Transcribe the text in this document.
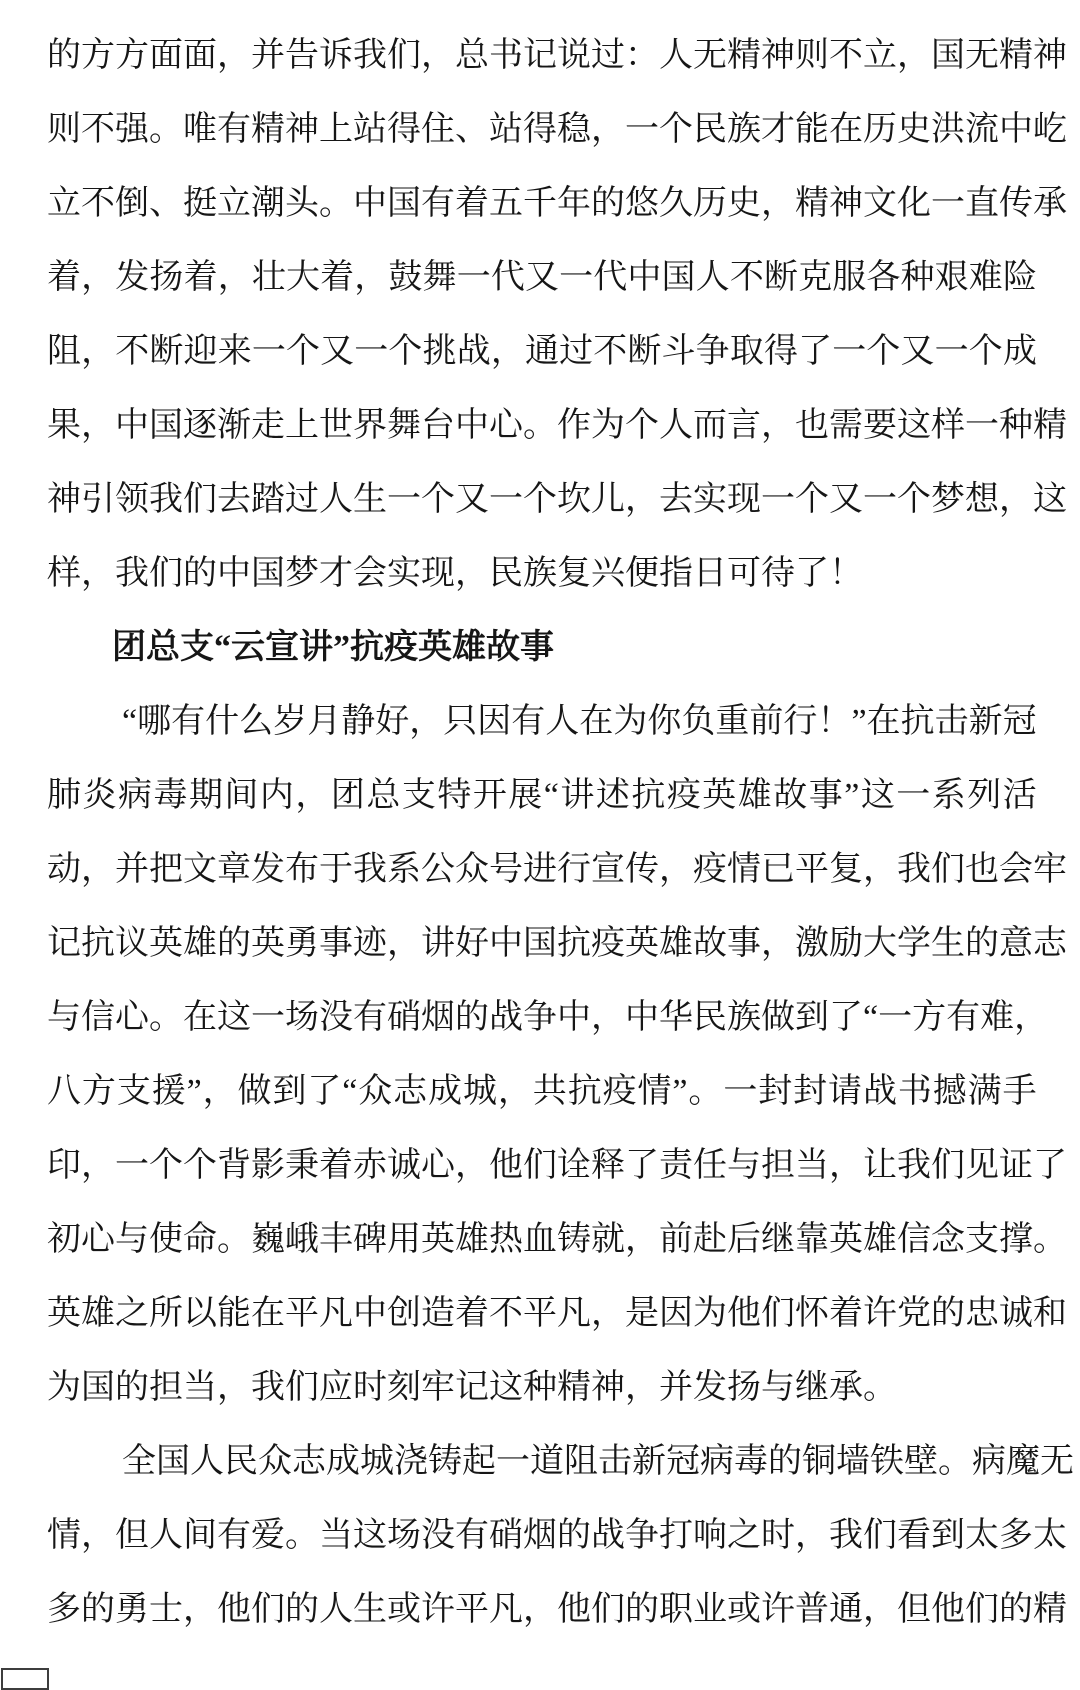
的 方 方 面 面 ， 并 告 诉 我 们 ， 总 书 记 说 过 ： 人 无 精 神 则 不 立 ， 国 无 精 神
则 不 强 。 唯 有 精 神 上 站 得 住 、 站 得 稳 ， 一 个 民 族 才 能 在 历 史 洪 流 中 屹
立 不 倒 、 挺 立 潮 头 。 中 国 有 着 五 千 年 的 悠 久 历 史 ， 精 神 文 化 一 直 传 承
着 ， 发 扬 着 ， 壮 大 着 ， 鼓 舞 一 代 又 一 代 中 国 人 不 断 克 服 各 种 艰 难 险
阻 ， 不 断 迎 来 一 个 又 一 个 挑 战 ， 通 过 不 断 斗 争 取 得 了 一 个 又 一 个 成
果 ， 中 国 逐 渐 走 上 世 界 舞 台 中 心 。 作 为 个 人 而 言 ， 也 需 要 这 样 一 种 精
神 引 领 我 们 去 踏 过 人 生 一 个 又 一 个 坎 儿 ， 去 实 现 一 个 又 一 个 梦 想 ， 这
样，我们的中国梦才会实现，民族复兴便指日可待了！
团总支“云宣讲”抗疫英雄故事
“ 哪 有 什 么 岁 月 静 好 ， 只 因 有 人 在 为 你 负 重 前 行 ！ ” 在 抗 击 新 冠
肺 炎 病 毒 期 间 内 ， 团 总 支 特 开 展 “ 讲 述 抗 疫 英 雄 故 事 ” 这 一 系 列 活
动 ， 并 把 文 章 发 布 于 我 系 公 众 号 进 行 宣 传 ， 疫 情 已 平 复 ， 我 们 也 会 牢
记 抗 议 英 雄 的 英 勇 事 迹 ， 讲 好 中 国 抗 疫 英 雄 故 事 ， 激 励 大 学 生 的 意 志
与 信 心 。 在 这 一 场 没 有 硝 烟 的 战 争 中 ， 中 华 民 族 做 到 了 “ 一 方 有 难 ，
八 方 支 援 ” ， 做 到 了 “ 众 志 成 城 ， 共 抗 疫 情 ” 。 一 封 封 请 战 书 撼 满 手
印 ， 一 个 个 背 影 秉 着 赤 诚 心 ， 他 们 诠 释 了 责 任 与 担 当 ， 让 我 们 见 证 了
初 心 与 使 命 。 巍 峨 丰 碑 用 英 雄 热 血 铸 就 ， 前 赴 后 继 靠 英 雄 信 念 支 撑 。
英 雄 之 所 以 能 在 平 凡 中 创 造 着 不 平 凡 ， 是 因 为 他 们 怀 着 许 党 的 忠 诚 和
为国的担当，我们应时刻牢记这种精神，并发扬与继承。
全 国 人 民 众 志 成 城 浇 铸 起 一 道 阻 击 新 冠 病 毒 的 铜 墙 铁 壁 。 病 魔 无
情 ， 但 人 间 有 爱 。 当 这 场 没 有 硝 烟 的 战 争 打 响 之 时 ， 我 们 看 到 太 多 太
多 的 勇 士 ， 他 们 的 人 生 或 许 平 凡 ， 他 们 的 职 业 或 许 普 通 ， 但 他 们 的 精
